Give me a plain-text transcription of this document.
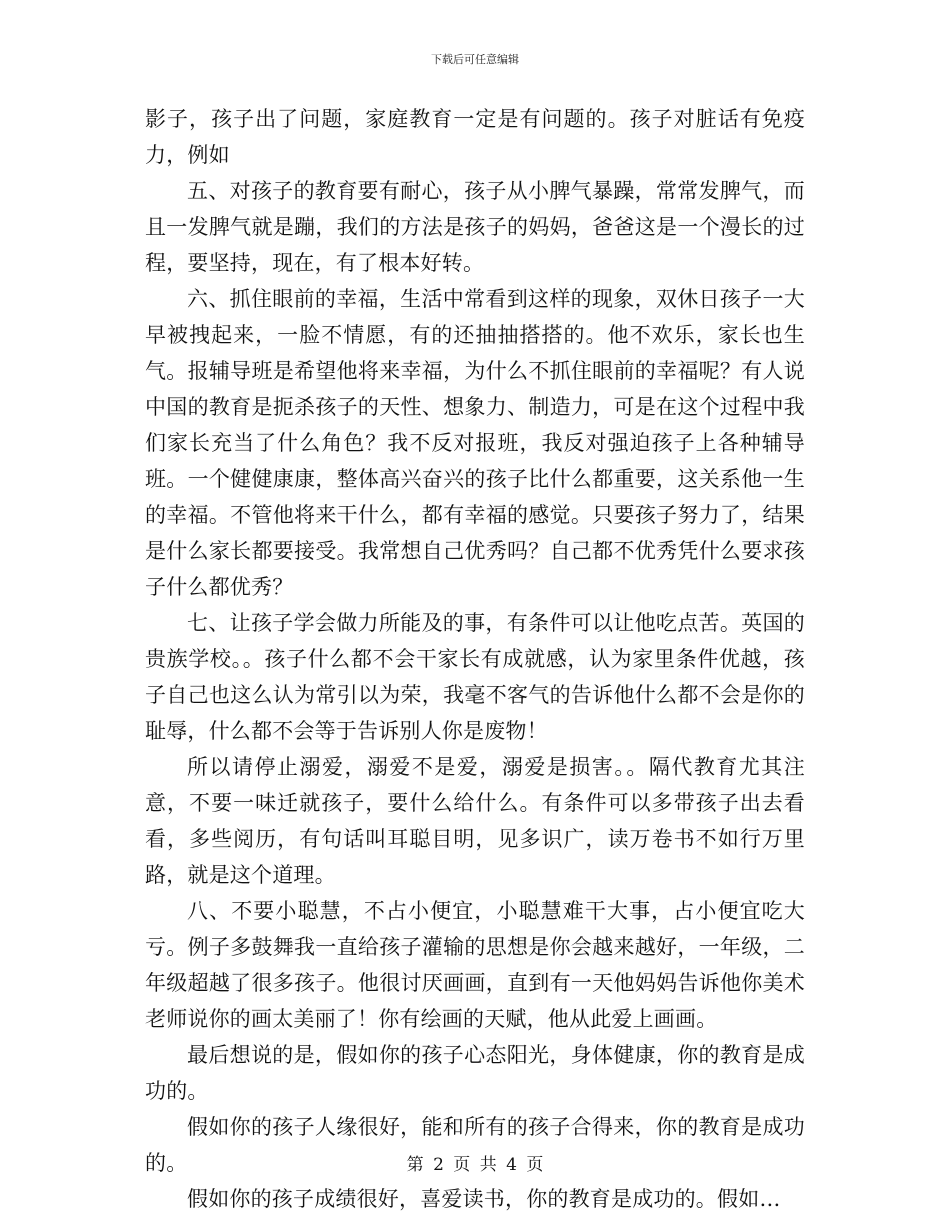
下载后可任意编辑

影子，孩子出了问题，家庭教育一定是有问题的。孩子对脏话有免疫力，例如

五、对孩子的教育要有耐心，孩子从小脾气暴躁，常常发脾气，而且一发脾气就是蹦，我们的方法是孩子的妈妈，爸爸这是一个漫长的过程，要坚持，现在，有了根本好转。

六、抓住眼前的幸福，生活中常看到这样的现象，双休日孩子一大早被拽起来，一脸不情愿，有的还抽抽搭搭的。他不欢乐，家长也生气。报辅导班是希望他将来幸福，为什么不抓住眼前的幸福呢？有人说中国的教育是扼杀孩子的天性、想象力、制造力，可是在这个过程中我们家长充当了什么角色？我不反对报班，我反对强迫孩子上各种辅导班。一个健健康康，整体高兴奋兴的孩子比什么都重要，这关系他一生的幸福。不管他将来干什么，都有幸福的感觉。只要孩子努力了，结果是什么家长都要接受。我常想自己优秀吗？自己都不优秀凭什么要求孩子什么都优秀？

七、让孩子学会做力所能及的事，有条件可以让他吃点苦。英国的贵族学校。。孩子什么都不会干家长有成就感，认为家里条件优越，孩子自己也这么认为常引以为荣，我毫不客气的告诉他什么都不会是你的耻辱，什么都不会等于告诉别人你是废物！

所以请停止溺爱，溺爱不是爱，溺爱是损害。。隔代教育尤其注意，不要一味迁就孩子，要什么给什么。有条件可以多带孩子出去看看，多些阅历，有句话叫耳聪目明，见多识广，读万卷书不如行万里路，就是这个道理。

八、不要小聪慧，不占小便宜，小聪慧难干大事，占小便宜吃大亏。例子多鼓舞我一直给孩子灌输的思想是你会越来越好，一年级，二年级超越了很多孩子。他很讨厌画画，直到有一天他妈妈告诉他你美术老师说你的画太美丽了！你有绘画的天赋，他从此爱上画画。

最后想说的是，假如你的孩子心态阳光，身体健康，你的教育是成功的。

假如你的孩子人缘很好，能和所有的孩子合得来，你的教育是成功的。

假如你的孩子成绩很好，喜爱读书，你的教育是成功的。假如…

第 2 页 共 4 页
